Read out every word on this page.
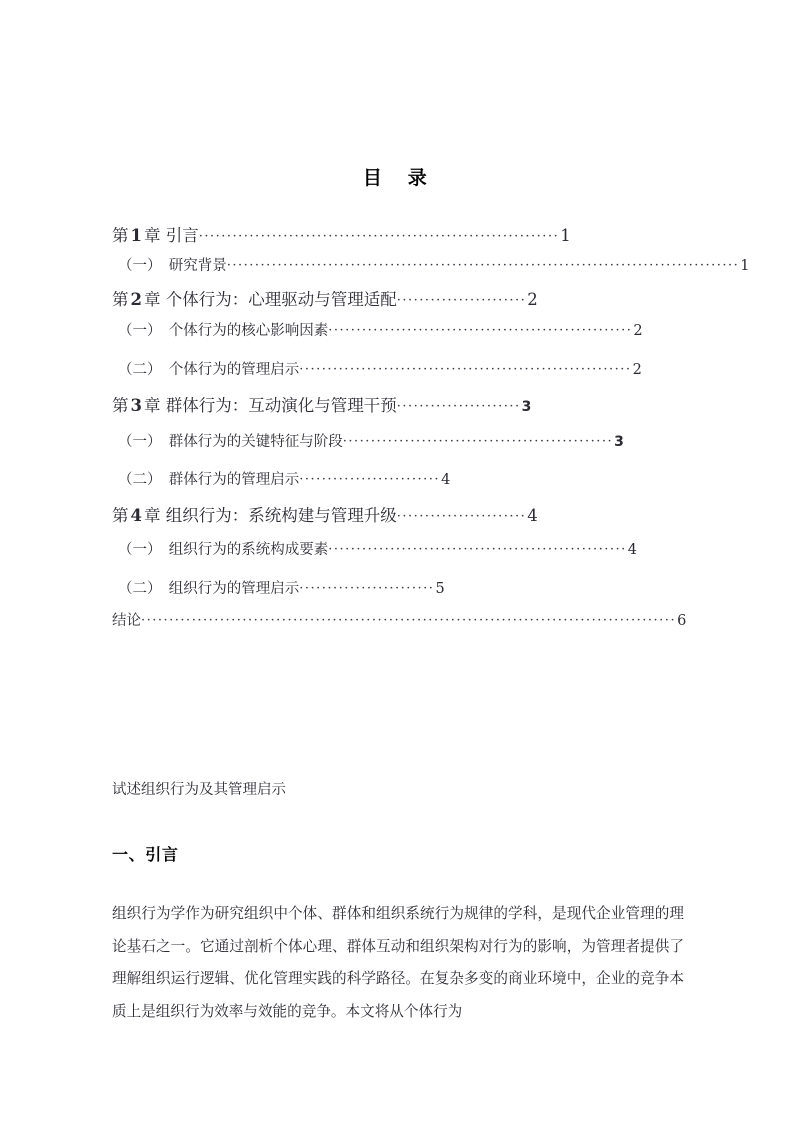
目　录
第 1 章 引言 ································································ 1
（一）　研究背景 ··························································································· 1
第 2 章 个体行为：心理驱动与管理适配 ······················· 2
（一）　个体行为的核心影响因素 ······················································ 2
（二）　个体行为的管理启示 ··························································· 2
第 3 章 群体行为：互动演化与管理干预 ······················ 3
（一）　群体行为的关键特征与阶段 ················································ 3
（二）　群体行为的管理启示 ························· 4
第 4 章 组织行为：系统构建与管理升级 ······················· 4
（一）　组织行为的系统构成要素 ····················································· 4
（二）　组织行为的管理启示 ························ 5
结论 ······························································································· 6
试述组织行为及其管理启示
一、引言
组织行为学作为研究组织中个体、群体和组织系统行为规律的学科，是现代企业管理的理论基石之一。它通过剖析个体心理、群体互动和组织架构对行为的影响，为管理者提供了理解组织运行逻辑、优化管理实践的科学路径。在复杂多变的商业环境中，企业的竞争本质上是组织行为效率与效能的竞争。本文将从个体行为
